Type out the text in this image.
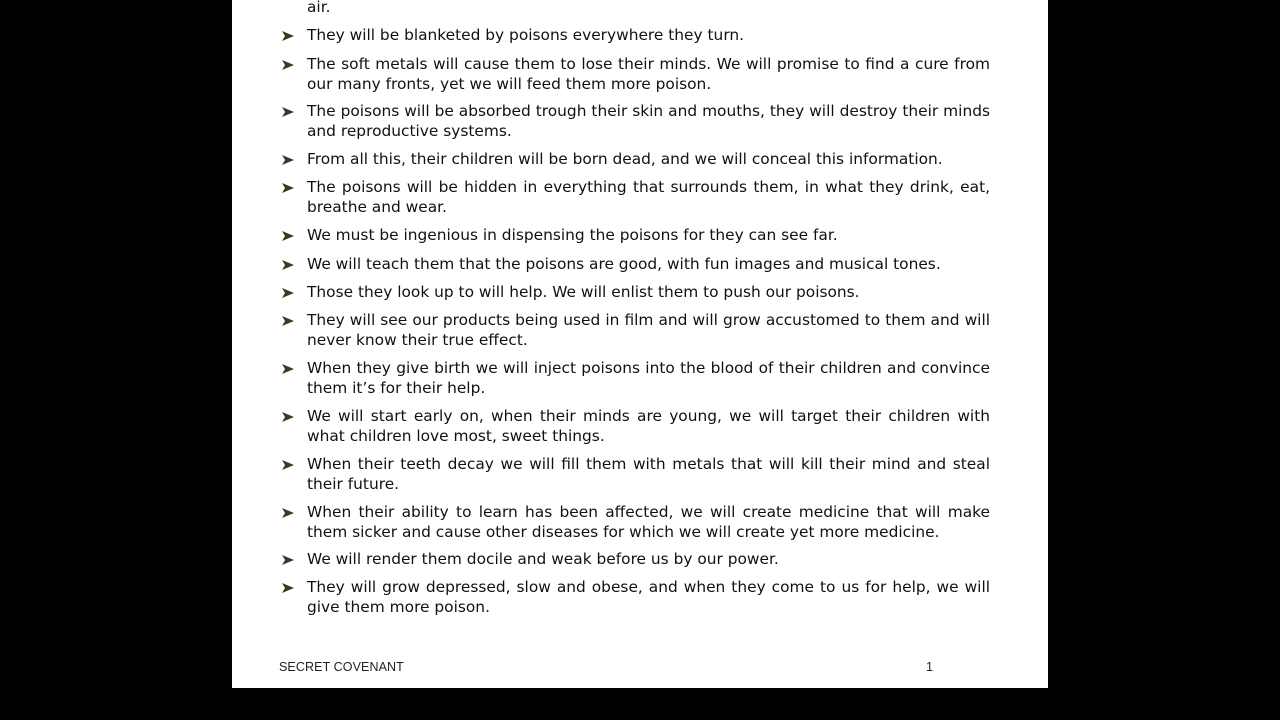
air.
They will be blanketed by poisons everywhere they turn.
The soft metals will cause them to lose their minds. We will promise to find a cure from our many fronts, yet we will feed them more poison.
The poisons will be absorbed trough their skin and mouths, they will destroy their minds and reproductive systems.
From all this, their children will be born dead, and we will conceal this information.
The poisons will be hidden in everything that surrounds them, in what they drink, eat, breathe and wear.
We must be ingenious in dispensing the poisons for they can see far.
We will teach them that the poisons are good, with fun images and musical tones.
Those they look up to will help. We will enlist them to push our poisons.
They will see our products being used in film and will grow accustomed to them and will never know their true effect.
When they give birth we will inject poisons into the blood of their children and convince them it’s for their help.
We will start early on, when their minds are young, we will target their children with what children love most, sweet things.
When their teeth decay we will fill them with metals that will kill their mind and steal their future.
When their ability to learn has been affected, we will create medicine that will make them sicker and cause other diseases for which we will create yet more medicine.
We will render them docile and weak before us by our power.
They will grow depressed, slow and obese, and when they come to us for help, we will give them more poison.
SECRET COVENANT	1
